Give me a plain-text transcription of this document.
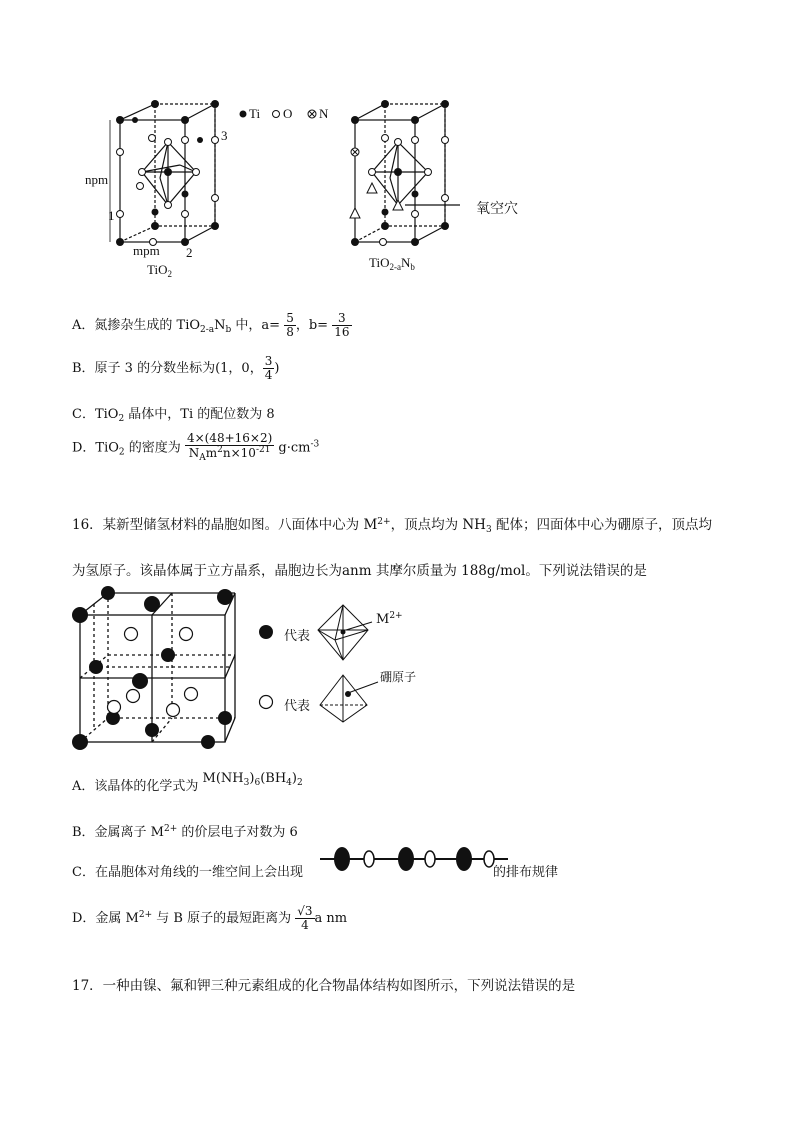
Ti O N
npm
1
2
3
mpm
TiO$_2$
$TiO_{2-a}N_b$
氧空穴
A．氮掺杂生成的 $TiO_{2-a}N_b$ 中，$a= \frac{5}{8}$ ，$b= \frac{3}{16}$
B．原子 3 的分数坐标为(1，0， $\frac{3}{4}$ )
C．TiO$_2$ 晶体中，Ti 的配位数为 8
D．TiO$_2$ 的密度为 $\frac{4\times(48+16\times 2)}{N_Am^2n\times 10^{-21}} g\cdot cm^{-3}$
16．某新型储氢材料的晶胞如图。八面体中心为 $M^{2+}$，顶点均为 $NH_3$ 配体；四面体中心为硼原子，顶点均
为氢原子。该晶体属于立方晶系，晶胞边长为anm 其摩尔质量为 188g/mol。下列说法错误的是
代表
代表
$M^{2+}$
硼原子
A．该晶体的化学式为 $M(NH_3)_6(BH_4)_2$
B．金属离子 $M^{2+}$ 的价层电子对数为 6
C．在晶胞体对角线的一维空间上会出现	的排布规律
D．金属 $M^{2+}$ 与 B 原子的最短距离为 $\frac{√3}{4}$ a nm
17．一种由镍、氟和钾三种元素组成的化合物晶体结构如图所示，下列说法错误的是
